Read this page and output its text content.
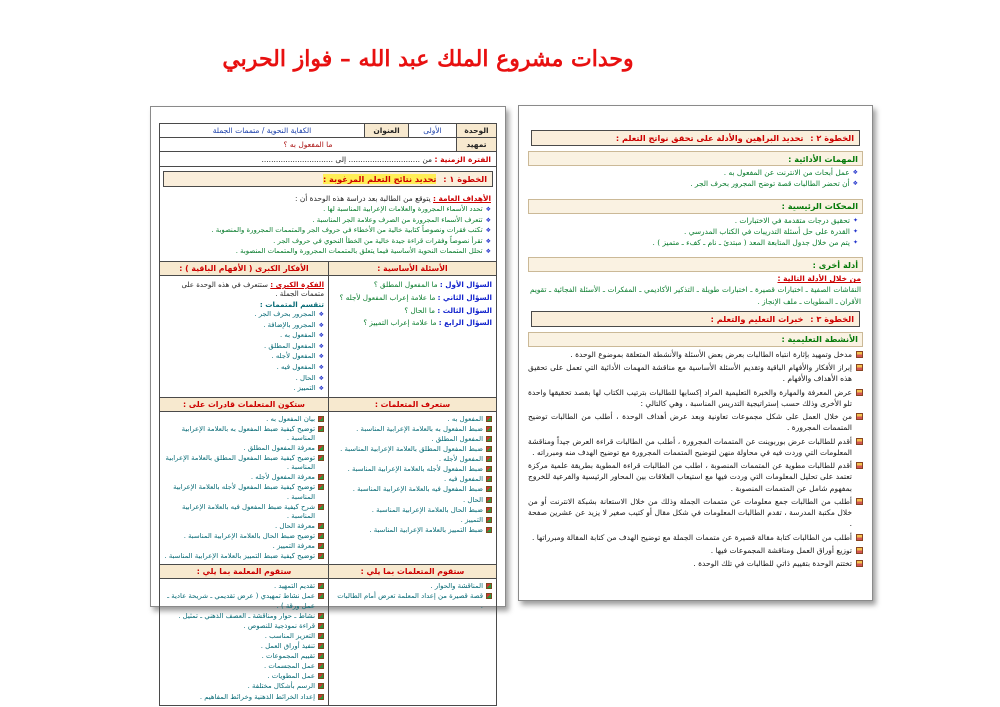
وحدات مشروع الملك عبد الله – فواز الحربي
الوحدة
الأولى
العنوان
الكفاية النحوية / متممات الجملة
تمهيد
ما المفعول به ؟
الفترة الزمنية : من .............................. إلى ..............................
الخطوة ١ : تحديد نتائج التعلم المرغوبة :
الأهداف العامة : يتوقع من الطالبة بعد دراسة هذه الوحدة أن :
❖
تحدد الأسماء المجرورة والعلامات الإعرابية المناسبة لها .
❖
تتعرف الأسماء المجرورة من الصرف وعلامة الجر المناسبة .
❖
تكتب فقرات ونصوصاً كتابية خالية من الأخطاء في حروف الجر والمتممات المجرورة والمنصوبة .
❖
تقرأ نصوصاً وفقرات قراءة جيدة خالية من الخطأ النحوي في حروف الجر .
❖
تحلل المتممات النحوية الأساسية فيما يتعلق بالمتممات المجرورة والمتممات المنصوبة .
الأسئلة الأساسية :
الأفكار الكبرى ( الأفهام الباقية ) :
السؤال الأول : ما المفعول المطلق ؟
السؤال الثاني : ما علامة إعراب المفعول لأجله ؟
السؤال الثالث : ما الحال ؟
السؤال الرابع : ما علامة إعراب التمييز ؟
الفكرة الكبرى : ستتعرف في هذه الوحدة على متممات الجملة .
تنقسم المتممات :
❖
المجرور بحرف الجر .
❖
المجرور بالإضافة .
❖
المفعول به .
❖
المفعول المطلق .
❖
المفعول لأجله .
❖
المفعول فيه .
❖
الحال .
❖
التمييز .
ستعرف المتعلمات :
ستكون المتعلمات قادرات على :
المفعول به .
ضبط المفعول به بالعلامة الإعرابية المناسبة .
المفعول المطلق .
ضبط المفعول المطلق بالعلامة الإعرابية المناسبة .
المفعول لأجله .
ضبط المفعول لأجله بالعلامة الإعرابية المناسبة .
المفعول فيه .
ضبط المفعول فيه بالعلامة الإعرابية المناسبة .
الحال .
ضبط الحال بالعلامة الإعرابية المناسبة .
التمييز .
ضبط التمييز بالعلامة الإعرابية المناسبة .
بيان المفعول به .
توضيح كيفية ضبط المفعول به بالعلامة الإعرابية المناسبة .
معرفة المفعول المطلق .
توضيح كيفية ضبط المفعول المطلق بالعلامة الإعرابية المناسبة .
معرفة المفعول لأجله .
توضيح كيفية ضبط المفعول لأجله بالعلامة الإعرابية المناسبة .
شرح كيفية ضبط المفعول فيه بالعلامة الإعرابية المناسبة .
معرفة الحال .
توضيح ضبط الحال بالعلامة الإعرابية المناسبة .
معرفة التمييز .
توضيح كيفية ضبط التمييز بالعلامة الإعرابية المناسبة .
ستقوم المتعلمات بما يلي :
ستقوم المعلمة بما يلي :
المناقشة والحوار .
قصة قصيرة من إعداد المعلمة تعرض أمام الطالبات .
تقديم التمهيد .
عمل نشاط تمهيدي ( عرض تقديمي ـ شريحة عادية ـ عمل ورقة ) .
نشاط ـ حوار ومناقشة ـ العصف الذهني ـ تمثيل .
قراءة نموذجية للنصوص .
التعزيز المناسب .
تنفيذ أوراق العمل .
تقييم المجموعات .
عمل المجسمات .
عمل المطويات .
الرسم بأشكال مختلفة .
إعداد الخرائط الذهنية وخرائط المفاهيم .
الخطوة ٢ : تحديد البراهين والأدلة على تحقق نواتج التعلم :
المهمات الأدائية :
❖
عمل أبحاث من الانترنت عن المفعول به .
❖
أن تحضر الطالبات قصة توضح المجرور بحرف الجر .
المحكات الرئيسية :
✦
تحقيق درجات متقدمة في الاختبارات .
✦
القدرة على حل أسئلة التدريبات في الكتاب المدرسي .
✦
يتم من خلال جدول المتابعة المعد ( مبتدئ ـ نام ـ كفء ـ متميز ) .
أدلة أخرى :
من خلال الأدلة التالية :
النقاشات الصفية ـ اختبارات قصيرة ـ اختبارات طويلة ـ التذكير الأكاديمي ـ المفكرات ـ الأسئلة الفجائية ـ تقويم الأقران ـ المطويات ـ ملف الإنجاز .
الخطوة ٣ : خبرات التعليم والتعلم :
الأنشطة التعليمية :
مدخل وتمهيد بإثارة انتباه الطالبات بعرض بعض الأسئلة والأنشطة المتعلقة بموضوع الوحدة .
إبراز الأفكار والأفهام الباقية وتقديم الأسئلة الأساسية مع مناقشة المهمات الأدائية التي تعمل على تحقيق هذه الأهداف والأفهام .
عرض المعرفة والمهارة والخبرة التعليمية المراد إكسابها للطالبات بترتيب الكتاب لها بقصد تحقيقها واحدة تلو الأخرى وذلك حسب إستراتيجية التدريس المناسبة ، وهي كالتالي :
من خلال العمل على شكل مجموعات تعاونية وبعد عرض أهداف الوحدة ، أطلب من الطالبات توضيح المتممات المجرورة .
أقدم للطالبات عرض بوربوينت عن المتممات المجرورة ، أطلب من الطالبات قراءة العرض جيداً ومناقشة المعلومات التي وردت فيه في محاولة منهن لتوضيح المتممات المجرورة مع توضيح الهدف منه ومبرراته .
أقدم للطالبات مطوية عن المتممات المنصوبة ، اطلب من الطالبات قراءة المطوية بطريقة علمية مركزة تعتمد على تحليل المعلومات التي وردت فيها مع استيعاب العلاقات بين المحاور الرئيسية والفرعية للخروج بمفهوم شامل عن المتممات المنصوبة .
أطلب من الطالبات جمع معلومات عن متممات الجملة وذلك من خلال الاستعانة بشبكة الانترنت أو من خلال مكتبة المدرسة ، تقدم الطالبات المعلومات في شكل مقال أو كتيب صغير لا يزيد عن عشرين صفحة .
أطلب من الطالبات كتابة مقالة قصيرة عن متممات الجملة مع توضيح الهدف من كتابة المقالة ومبرراتها .
توزيع أوراق العمل ومناقشة المجموعات فيها .
تختتم الوحدة بتقييم ذاتي للطالبات في تلك الوحدة .
